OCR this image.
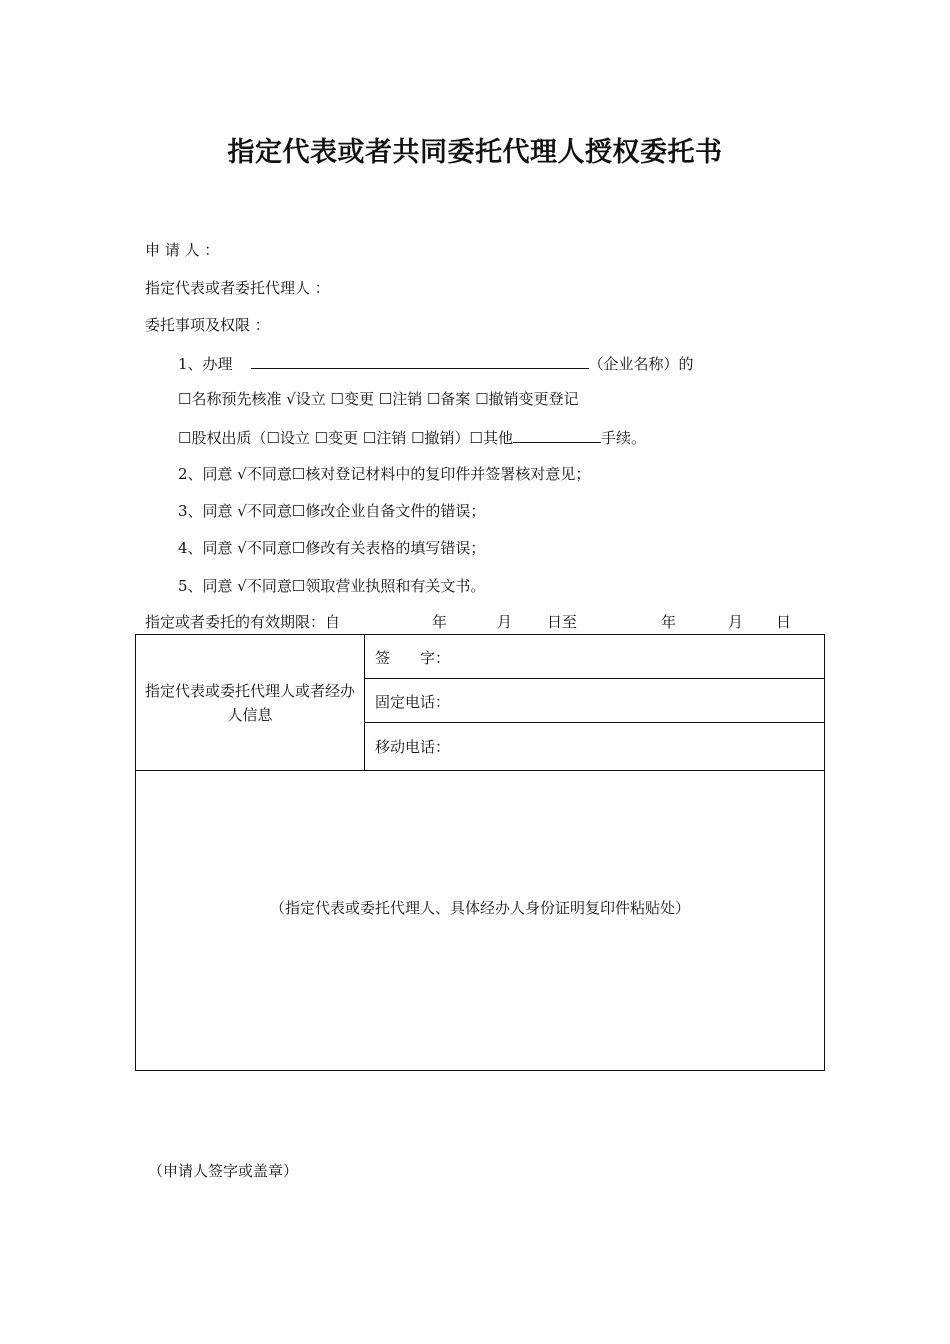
指定代表或者共同委托代理人授权委托书
申 请 人 ：
指定代表或者委托代理人 ：
委托事项及权限 ：
1、办理	（企业名称）的
☐名称预先核准 √设立 ☐变更 ☐注销 ☐备案 ☐撤销变更登记
☐股权出质（☐设立 ☐变更 ☐注销 ☐撤销）☐其他	手续。
2、同意 √不同意☐核对登记材料中的复印件并签署核对意见；
3、同意 √不同意☐修改企业自备文件的错误；
4、同意 √不同意☐修改有关表格的填写错误；
5、同意 √不同意☐领取营业执照和有关文书。
指定或者委托的有效期限：自	年	月 日至	年	月 日
指定代表或委托代理人或者经办人信息
签　　字：
固定电话：
移动电话：
（指定代表或委托代理人、具体经办人身份证明复印件粘贴处）
（申请人签字或盖章）
